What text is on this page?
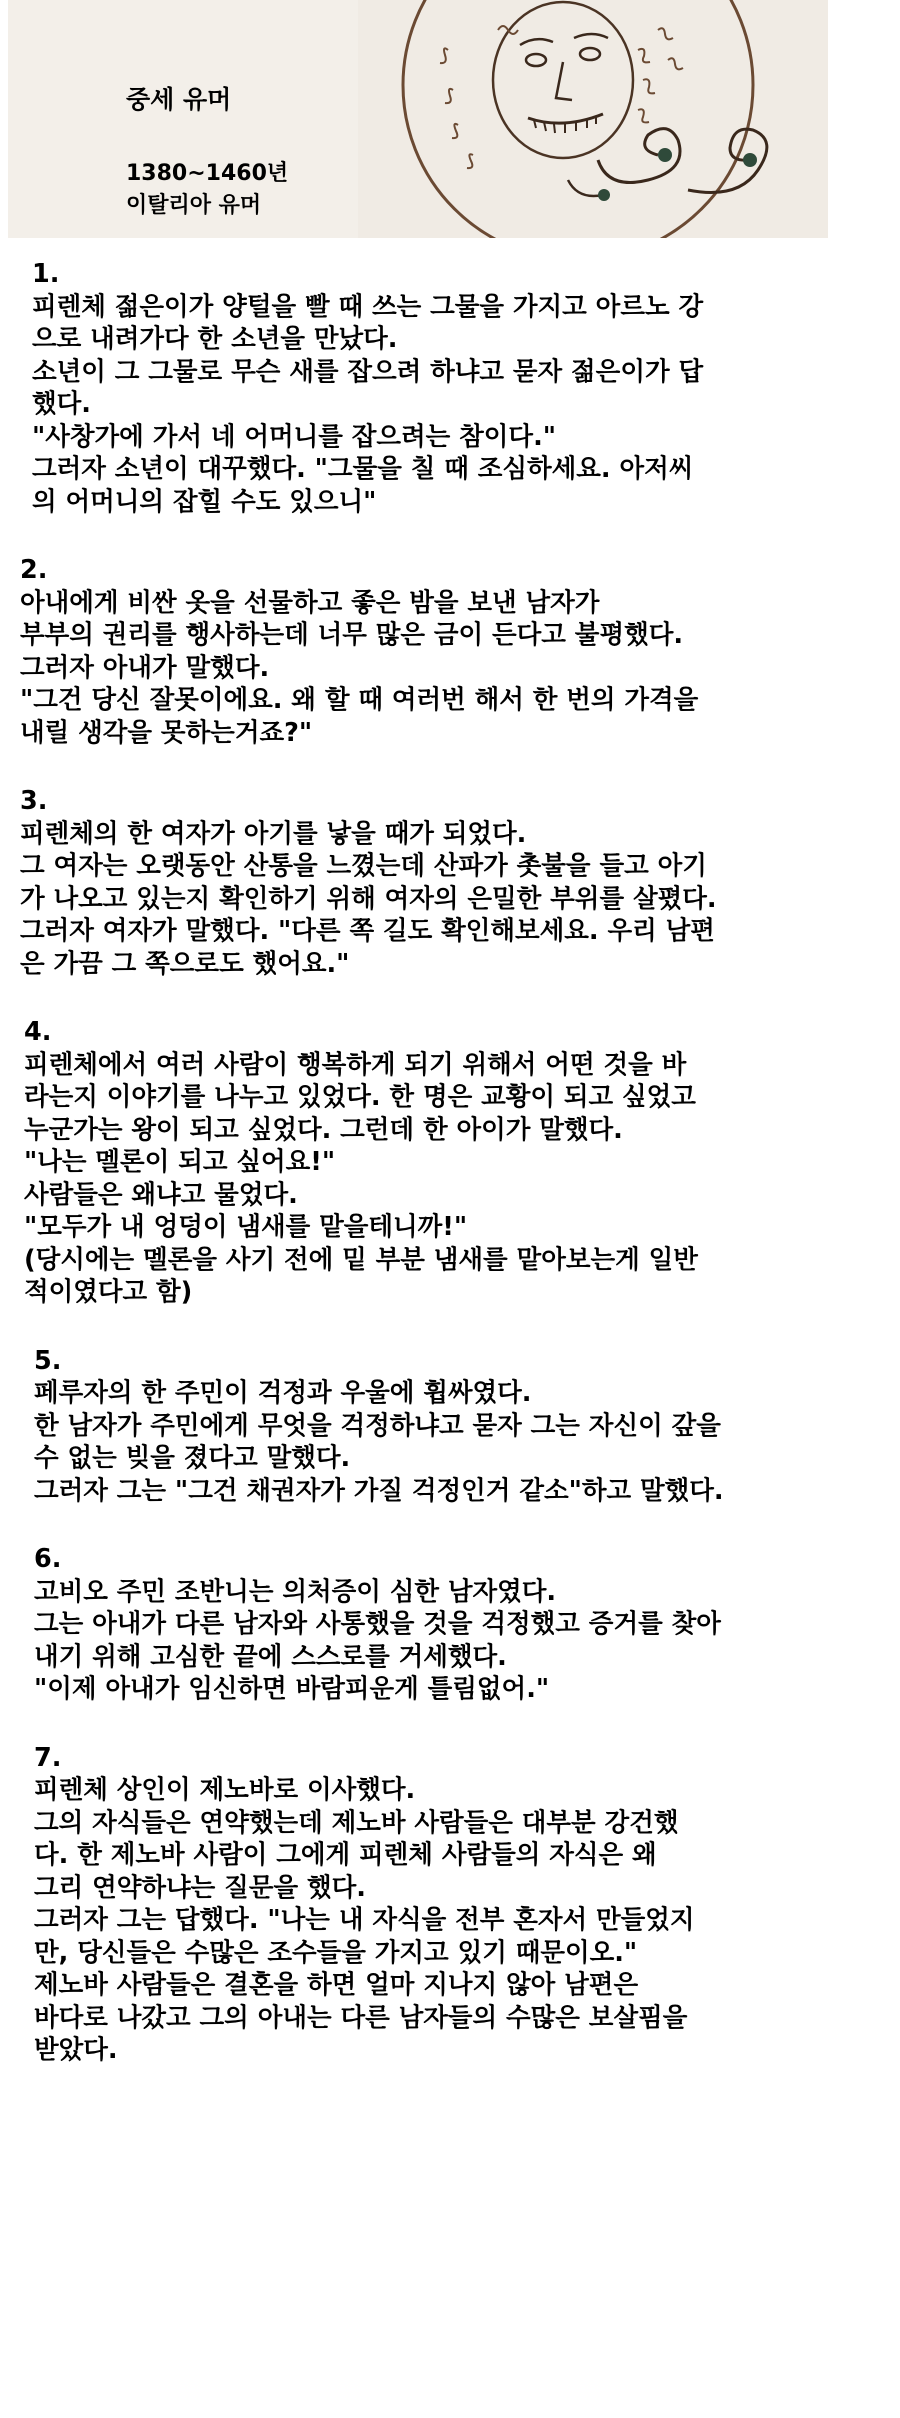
중세 유머
1380~1460년
이탈리아 유머
1.
피렌체 젊은이가 양털을 빨 때 쓰는 그물을 가지고 아르노 강
으로 내려가다 한 소년을 만났다.
소년이 그 그물로 무슨 새를 잡으려 하냐고 묻자 젊은이가 답
했다.
"사창가에 가서 네 어머니를 잡으려는 참이다."
그러자 소년이 대꾸했다. "그물을 칠 때 조심하세요. 아저씨
의 어머니의 잡힐 수도 있으니"
2.
아내에게 비싼 옷을 선물하고 좋은 밤을 보낸 남자가
부부의 권리를 행사하는데 너무 많은 금이 든다고 불평했다.
그러자 아내가 말했다.
"그건 당신 잘못이에요. 왜 할 때 여러번 해서 한 번의 가격을
내릴 생각을 못하는거죠?"
3.
피렌체의 한 여자가 아기를 낳을 때가 되었다.
그 여자는 오랫동안 산통을 느꼈는데 산파가 촛불을 들고 아기
가 나오고 있는지 확인하기 위해 여자의 은밀한 부위를 살폈다.
그러자 여자가 말했다. "다른 쪽 길도 확인해보세요. 우리 남편
은 가끔 그 쪽으로도 했어요."
4.
피렌체에서 여러 사람이 행복하게 되기 위해서 어떤 것을 바
라는지 이야기를 나누고 있었다. 한 명은 교황이 되고 싶었고
누군가는 왕이 되고 싶었다. 그런데 한 아이가 말했다.
"나는 멜론이 되고 싶어요!"
사람들은 왜냐고 물었다.
"모두가 내 엉덩이 냄새를 맡을테니까!"
(당시에는 멜론을 사기 전에 밑 부분 냄새를 맡아보는게 일반
적이였다고 함)
5.
페루자의 한 주민이 걱정과 우울에 휩싸였다.
한 남자가 주민에게 무엇을 걱정하냐고 묻자 그는 자신이 갚을
수 없는 빚을 졌다고 말했다.
그러자 그는 "그건 채권자가 가질 걱정인거 같소"하고 말했다.
6.
고비오 주민 조반니는 의처증이 심한 남자였다.
그는 아내가 다른 남자와 사통했을 것을 걱정했고 증거를 찾아
내기 위해 고심한 끝에 스스로를 거세했다.
"이제 아내가 임신하면 바람피운게 틀림없어."
7.
피렌체 상인이 제노바로 이사했다.
그의 자식들은 연약했는데 제노바 사람들은 대부분 강건했
다. 한 제노바 사람이 그에게 피렌체 사람들의 자식은 왜
그리 연약하냐는 질문을 했다.
그러자 그는 답했다. "나는 내 자식을 전부 혼자서 만들었지
만, 당신들은 수많은 조수들을 가지고 있기 때문이오."
제노바 사람들은 결혼을 하면 얼마 지나지 않아 남편은
바다로 나갔고 그의 아내는 다른 남자들의 수많은 보살핌을
받았다.
